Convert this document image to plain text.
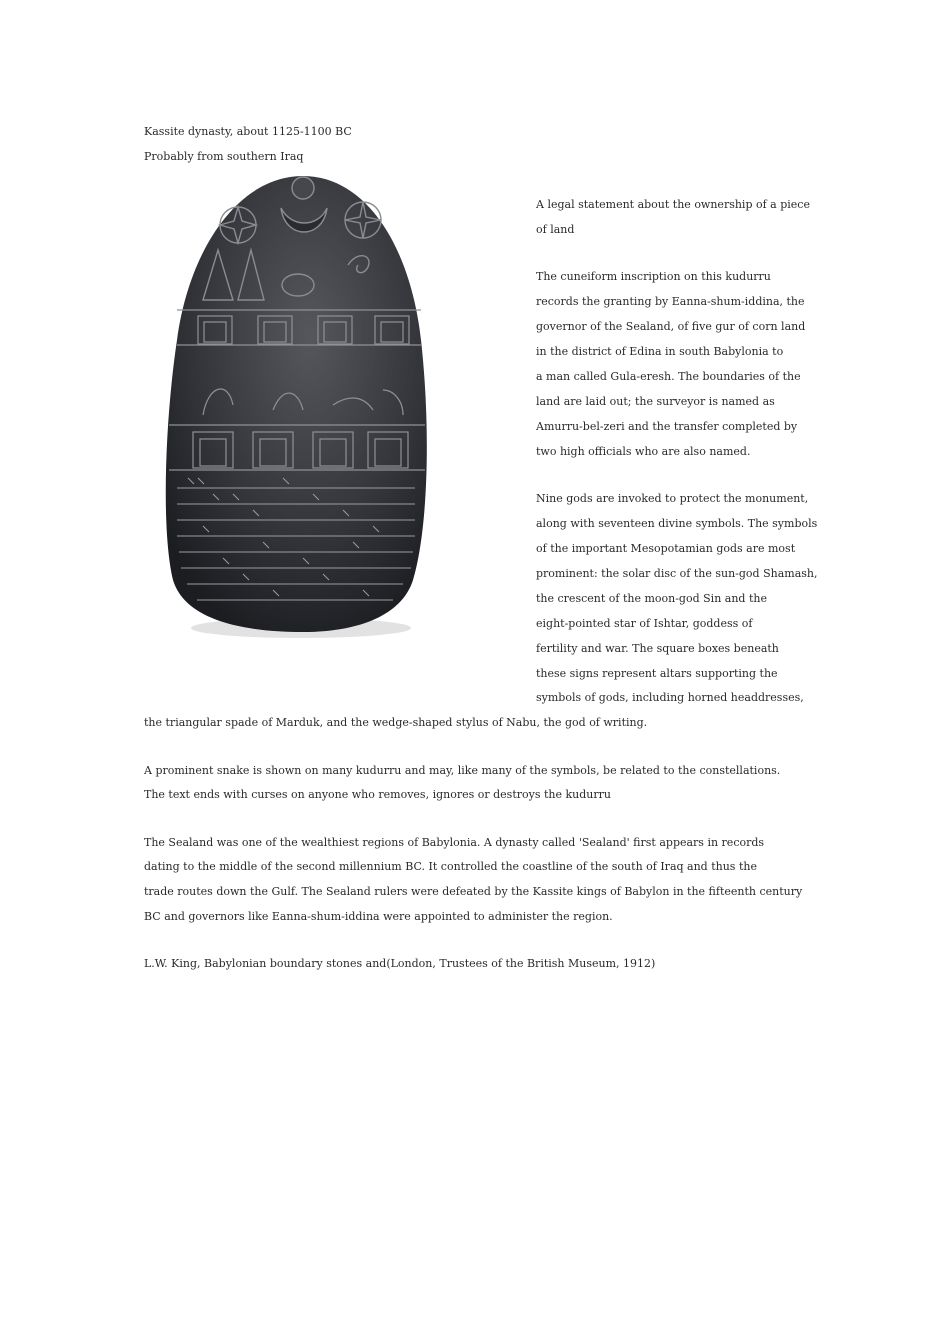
Kassite dynasty, about 1125-1100 BC
Probably from southern Iraq
A legal statement about the ownership of a piece
of land
The cuneiform inscription on this kudurru
records the granting by Eanna-shum-iddina, the
governor of the Sealand, of five gur of corn land
in the district of Edina in south Babylonia to
a man called Gula-eresh. The boundaries of the
land are laid out; the surveyor is named as
Amurru-bel-zeri and the transfer completed by
two high officials who are also named.
Nine gods are invoked to protect the monument,
along with seventeen divine symbols. The symbols
of the important Mesopotamian gods are most
prominent: the solar disc of the sun-god Shamash,
the crescent of the moon-god Sin and the
eight-pointed star of Ishtar, goddess of
fertility and war. The square boxes beneath
these signs represent altars supporting the
symbols of gods, including horned headdresses,
the triangular spade of Marduk, and the wedge-shaped stylus of Nabu, the god of writing.
A prominent snake is shown on many kudurru and may, like many of the symbols, be related to the constellations.
The text ends with curses on anyone who removes, ignores or destroys the kudurru
The Sealand was one of the wealthiest regions of Babylonia. A dynasty called 'Sealand' first appears in records
dating to the middle of the second millennium BC. It controlled the coastline of the south of Iraq and thus the
trade routes down the Gulf. The Sealand rulers were defeated by the Kassite kings of Babylon in the fifteenth century
BC and governors like Eanna-shum-iddina were appointed to administer the region.
L.W. King, Babylonian boundary stones and(London, Trustees of the British Museum, 1912)
